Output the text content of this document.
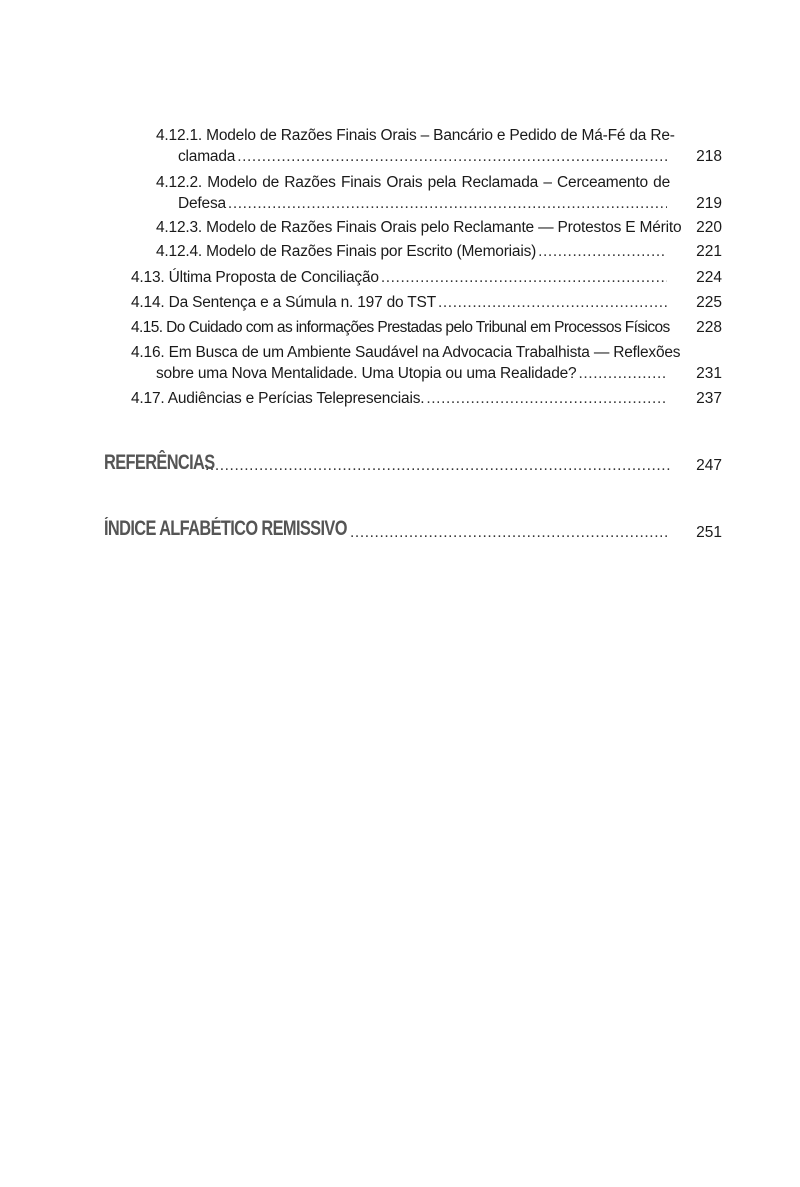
4.12.1. Modelo de Razões Finais Orais – Bancário e Pedido de Má-Fé da Re-
clamada .....	218
4.12.2. Modelo de Razões Finais Orais pela Reclamada – Cerceamento de
Defesa .....	219
4.12.3. Modelo de Razões Finais Orais pelo Reclamante — Protestos E Mérito 220
4.12.4. Modelo de Razões Finais por Escrito (Memoriais) .....	221
4.13. Última Proposta de Conciliação .....	224
4.14. Da Sentença e a Súmula n. 197 do TST .....	225
4.15. Do Cuidado com as informações Prestadas pelo Tribunal em Processos Físicos	228
4.16. Em Busca de um Ambiente Saudável na Advocacia Trabalhista — Reflexões
sobre uma Nova Mentalidade. Uma Utopia ou uma Realidade? .....	231
4.17. Audiências e Perícias Telepresenciais. .....	237
REFERÊNCIAS .....	247
ÍNDICE ALFABÉTICO REMISSIVO .....	251
